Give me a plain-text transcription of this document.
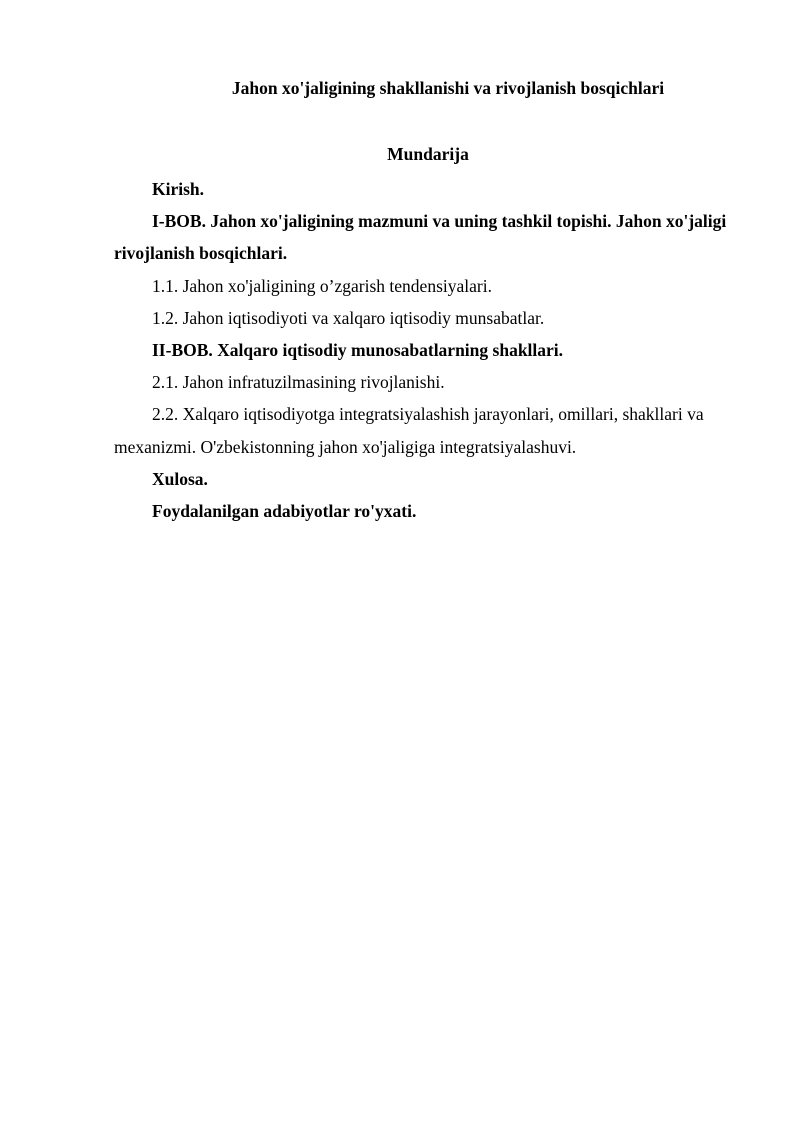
Jahon xo'jaligining shakllanishi va rivojlanish bosqichlari
Mundarija

Kirish.

I-BOB. Jahon xo'jaligining mazmuni va uning tashkil topishi. Jahon xo'jaligi rivojlanish bosqichlari.

1.1. Jahon xo'jaligining o’zgarish tendensiyalari.

1.2. Jahon iqtisodiyoti va xalqaro iqtisodiy munsabatlar.

II-BOB. Xalqaro iqtisodiy munosabatlarning shakllari.

2.1. Jahon infratuzilmasining rivojlanishi.

2.2. Xalqaro iqtisodiyotga integratsiyalashish jarayonlari, omillari, shakllari va mexanizmi. O'zbekistonning jahon xo'jaligiga integratsiyalashuvi.

Xulosa.

Foydalanilgan adabiyotlar ro'yxati.
